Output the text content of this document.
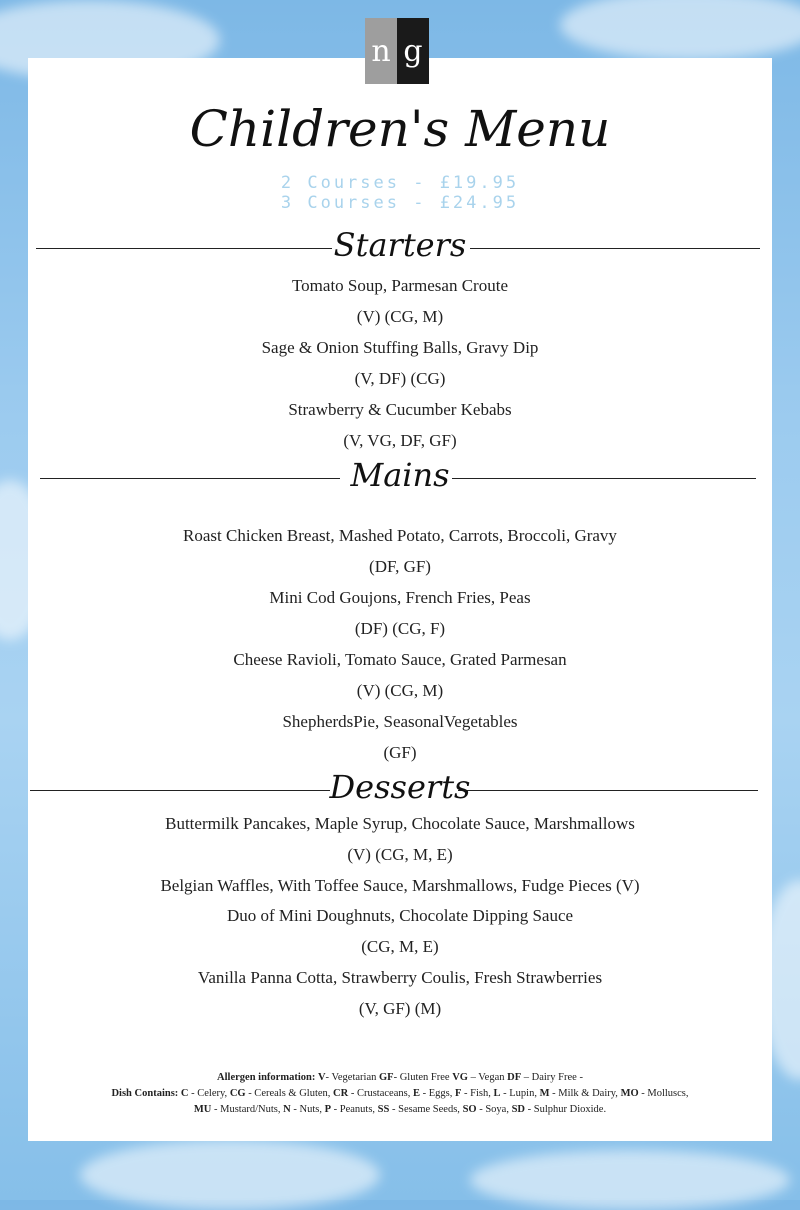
n g
Children's Menu
2 Courses - £19.95
3 Courses - £24.95
Starters
Tomato Soup, Parmesan Croute
(V) (CG, M)
Sage & Onion Stuffing Balls, Gravy Dip
(V, DF) (CG)
Strawberry & Cucumber Kebabs
(V, VG, DF, GF)
Mains
Roast Chicken Breast, Mashed Potato, Carrots, Broccoli, Gravy
(DF, GF)
Mini Cod Goujons, French Fries, Peas
(DF) (CG, F)
Cheese Ravioli, Tomato Sauce, Grated Parmesan
(V) (CG, M)
ShepherdsPie, SeasonalVegetables
(GF)
Desserts
Buttermilk Pancakes, Maple Syrup, Chocolate Sauce, Marshmallows
(V) (CG, M, E)
Belgian Waffles, With Toffee Sauce, Marshmallows, Fudge Pieces (V)
Duo of Mini Doughnuts, Chocolate Dipping Sauce
(CG, M, E)
Vanilla Panna Cotta, Strawberry Coulis, Fresh Strawberries
(V, GF) (M)
Allergen information: V- Vegetarian GF- Gluten Free VG – Vegan DF – Dairy Free -
Dish Contains: C - Celery, CG - Cereals & Gluten, CR - Crustaceans, E - Eggs, F - Fish, L - Lupin, M - Milk & Dairy, MO - Molluscs,
MU - Mustard/Nuts, N - Nuts, P - Peanuts, SS - Sesame Seeds, SO - Soya, SD - Sulphur Dioxide.
